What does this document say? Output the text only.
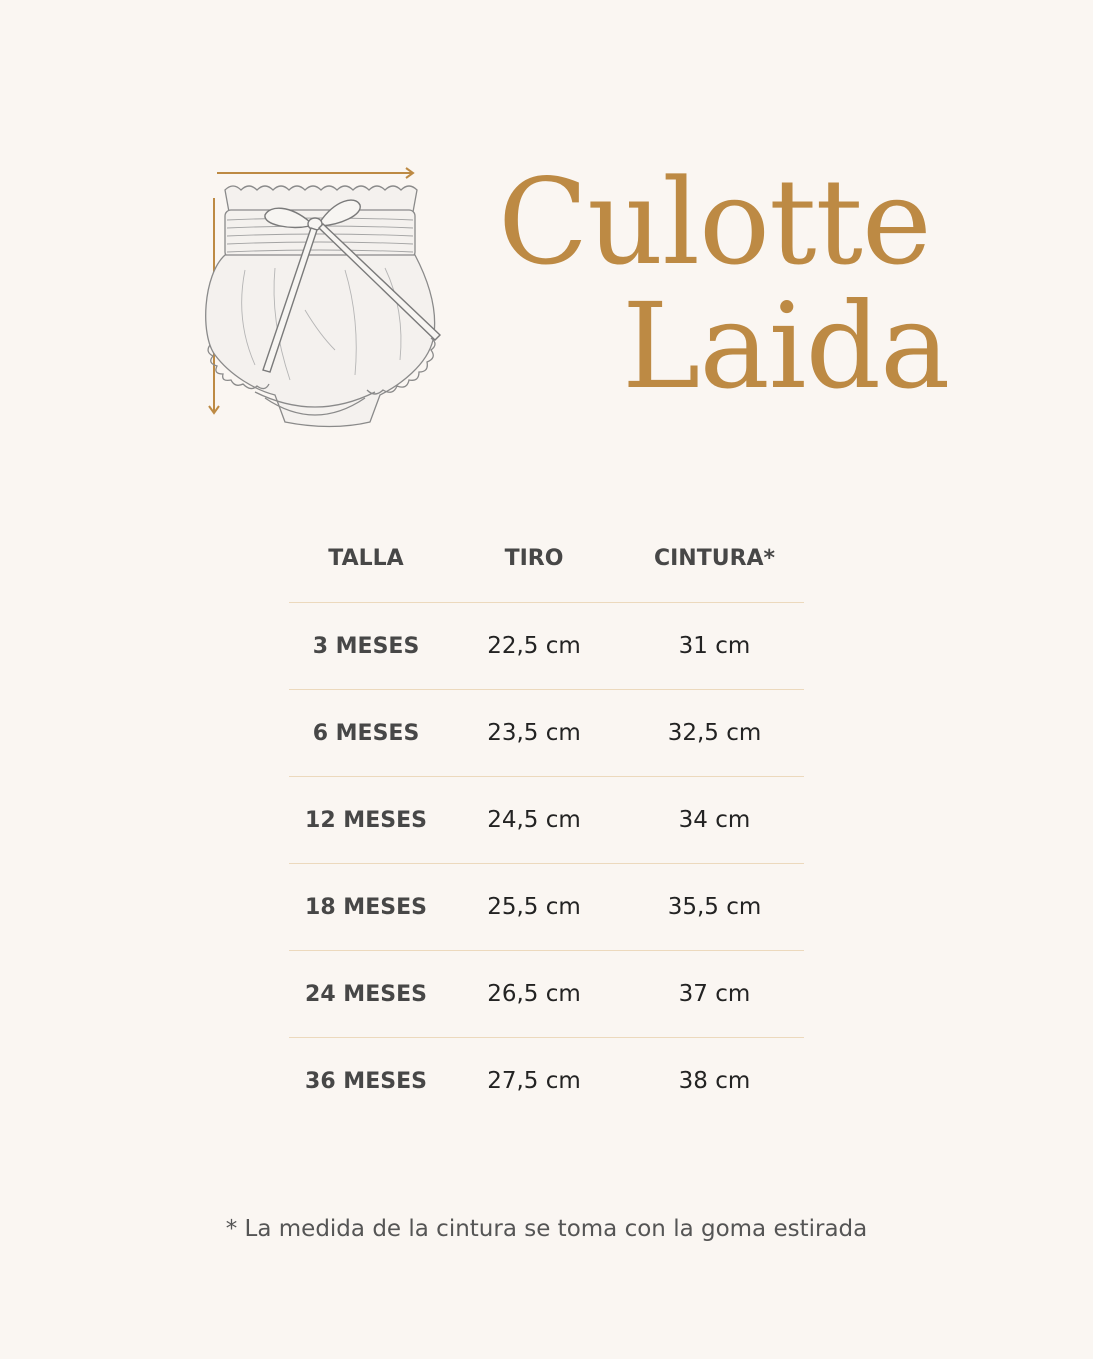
Culotte
Laida
TALLA	TIRO	CINTURA*
3 MESES	22,5 cm	31 cm
6 MESES	23,5 cm	32,5 cm
12 MESES	24,5 cm	34 cm
18 MESES	25,5 cm	35,5 cm
24 MESES	26,5 cm	37 cm
36 MESES	27,5 cm	38 cm

* La medida de la cintura se toma con la goma estirada
